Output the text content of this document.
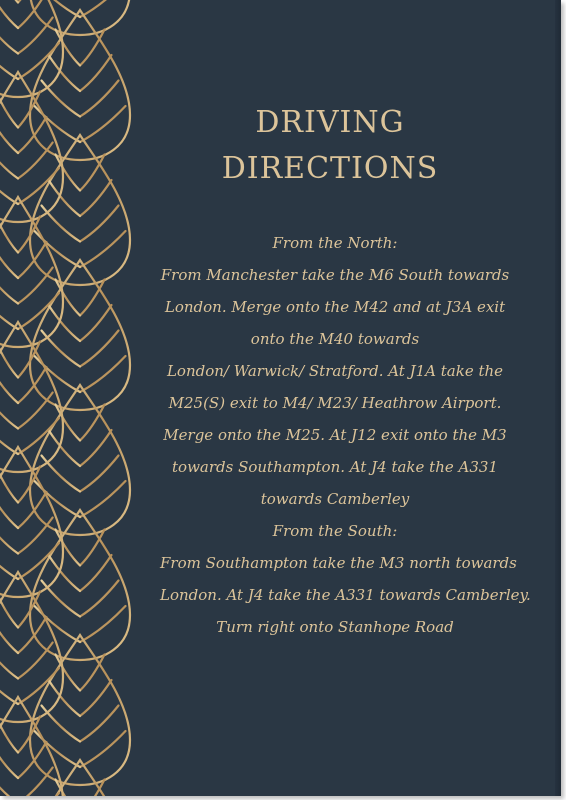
DRIVING
DIRECTIONS
From the North:
From Manchester take the M6 South towards
London. Merge onto the M42 and at J3A exit
onto the M40 towards
London/ Warwick/ Stratford. At J1A take the
M25(S) exit to M4/ M23/ Heathrow Airport.
Merge onto the M25. At J12 exit onto the M3
towards Southampton. At J4 take the A331
towards Camberley
From the South:
From Southampton take the M3 north towards
London. At J4 take the A331 towards Camberley.
Turn right onto Stanhope Road
